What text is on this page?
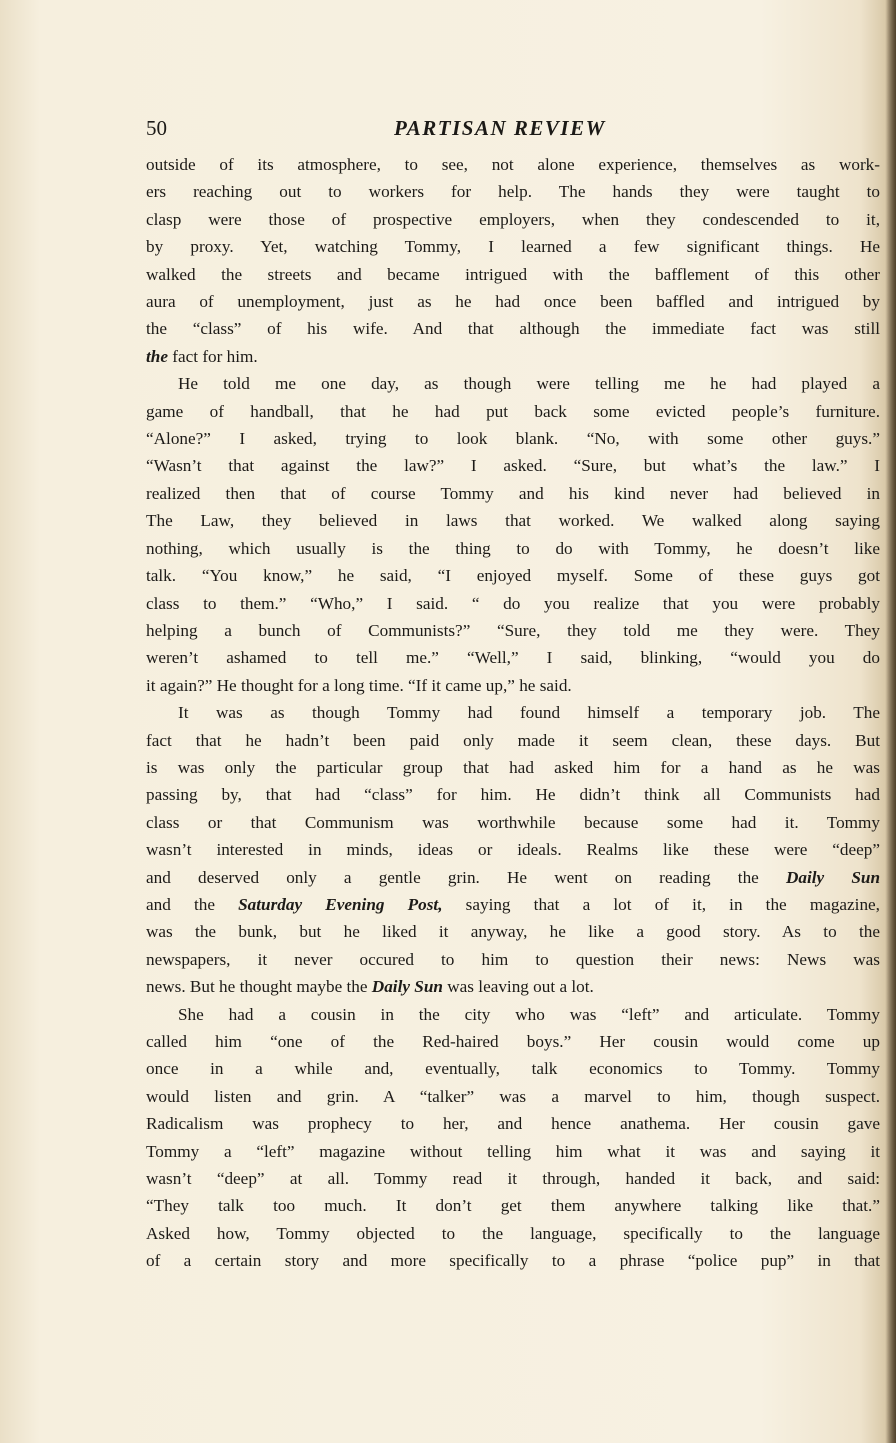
50	PARTISAN REVIEW
outside of its atmosphere, to see, not alone experience, themselves as work-
ers reaching out to workers for help. The hands they were taught to
clasp were those of prospective employers, when they condescended to it,
by proxy. Yet, watching Tommy, I learned a few significant things. He
walked the streets and became intrigued with the bafflement of this other
aura of unemployment, just as he had once been baffled and intrigued by
the “class” of his wife. And that although the immediate fact was still
the fact for him.
He told me one day, as though were telling me he had played a
game of handball, that he had put back some evicted people’s furniture.
“Alone?” I asked, trying to look blank. “No, with some other guys.”
“Wasn’t that against the law?” I asked. “Sure, but what’s the law.” I
realized then that of course Tommy and his kind never had believed in
The Law, they believed in laws that worked. We walked along saying
nothing, which usually is the thing to do with Tommy, he doesn’t like
talk. “You know,” he said, “I enjoyed myself. Some of these guys got
class to them.” “Who,” I said. “ do you realize that you were probably
helping a bunch of Communists?” “Sure, they told me they were. They
weren’t ashamed to tell me.” “Well,” I said, blinking, “would you do
it again?” He thought for a long time. “If it came up,” he said.
It was as though Tommy had found himself a temporary job. The
fact that he hadn’t been paid only made it seem clean, these days. But
is was only the particular group that had asked him for a hand as he was
passing by, that had “class” for him. He didn’t think all Communists had
class or that Communism was worthwhile because some had it. Tommy
wasn’t interested in minds, ideas or ideals. Realms like these were “deep”
and deserved only a gentle grin. He went on reading the Daily Sun
and the Saturday Evening Post, saying that a lot of it, in the magazine,
was the bunk, but he liked it anyway, he like a good story. As to the
newspapers, it never occured to him to question their news: News was
news. But he thought maybe the Daily Sun was leaving out a lot.
She had a cousin in the city who was “left” and articulate. Tommy
called him “one of the Red-haired boys.” Her cousin would come up
once in a while and, eventually, talk economics to Tommy. Tommy
would listen and grin. A “talker” was a marvel to him, though suspect.
Radicalism was prophecy to her, and hence anathema. Her cousin gave
Tommy a “left” magazine without telling him what it was and saying it
wasn’t “deep” at all. Tommy read it through, handed it back, and said:
“They talk too much. It don’t get them anywhere talking like that.”
Asked how, Tommy objected to the language, specifically to the language
of a certain story and more specifically to a phrase “police pup” in that
